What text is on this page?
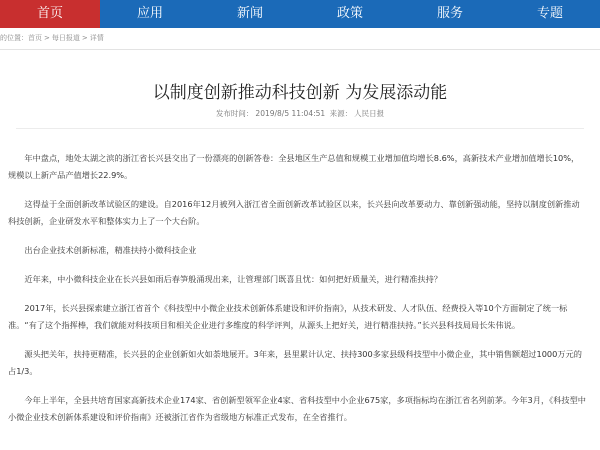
首页	应用	新闻	政策	服务	专题
的位置：首页 > 每日报道 > 详情
以制度创新推动科技创新 为发展添动能
发布时间： 2019/8/5 11:04:51 来源： 人民日报

年中盘点，地处太湖之滨的浙江省长兴县交出了一份漂亮的创新答卷：全县地区生产总值和规模工业增加值均增长8.6%，高新技术产业增加值增长10%，规模以上新产品产值增长22.9%。

这得益于全面创新改革试验区的建设。自2016年12月被列入浙江省全面创新改革试验区以来，长兴县向改革要动力、靠创新强动能，坚持以制度创新推动科技创新，企业研发水平和整体实力上了一个大台阶。

出台企业技术创新标准，精准扶持小微科技企业

近年来，中小微科技企业在长兴县如雨后春笋般涌现出来，让管理部门既喜且忧：如何把好质量关，进行精准扶持？

2017年，长兴县探索建立浙江省首个《科技型中小微企业技术创新体系建设和评价指南》，从技术研发、人才队伍、经费投入等10个方面制定了统一标准。“有了这个指挥棒，我们就能对科技项目和相关企业进行多维度的科学评判，从源头上把好关，进行精准扶持。”长兴县科技局局长朱伟说。

源头把关年，扶持更精准，长兴县的企业创新如火如荼地展开。3年来，县里累计认定、扶持300多家县级科技型中小微企业，其中销售额超过1000万元的占1/3。

今年上半年，全县共培育国家高新技术企业174家、省创新型领军企业4家、省科技型中小企业675家，多项指标均在浙江省名列前茅。今年3月，《科技型中小微企业技术创新体系建设和评价指南》还被浙江省作为省级地方标准正式发布，在全省推行。
